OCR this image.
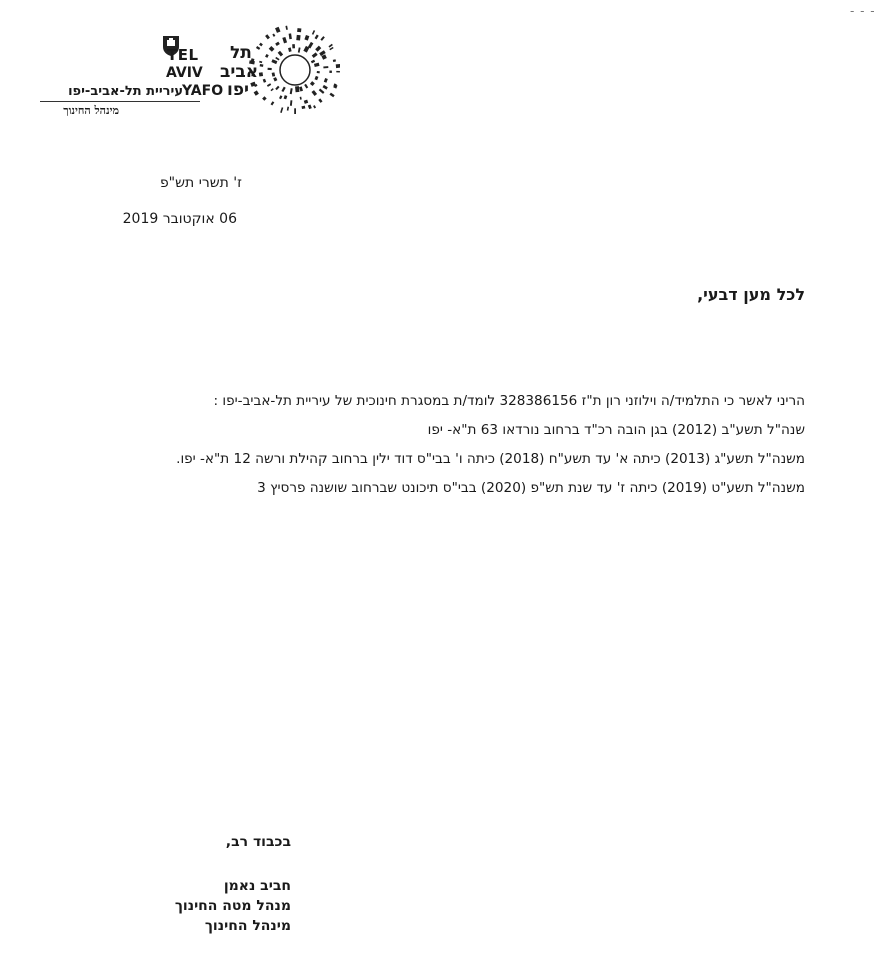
- - -
TEL תל
AVIV אביב
YAFO יפו
עיריית תל-אביב-יפו
מינהל החינוך
ז' תשרי תש"פ
06 אוקטובר 2019
לכל מען דבעי,

הריני לאשר כי התלמיד/ה וילוזני רון ת"ז 328386156 לומד/ת במסגרת חינוכית של עיריית תל-אביב-יפו :

שנה"ל תשע"ב (2012) בגן הובה רכ"ד ברחוב נורדאו 63 ת"א- יפו

משנה"ל תשע"ג (2013) כיתה א' עד תשע"ח (2018) כיתה ו' בבי"ס דוד ילין ברחוב קהילת ורשה 12 ת"א- יפו.

משנה"ל תשע"ט (2019) כיתה ז' עד שנת תש"פ (2020) בבי"ס תיכונט שברחוב שושנה פרסיץ 3

בכבוד רב,
חביב נאמן
מנהל מטה החינוך
מינהל החינוך
